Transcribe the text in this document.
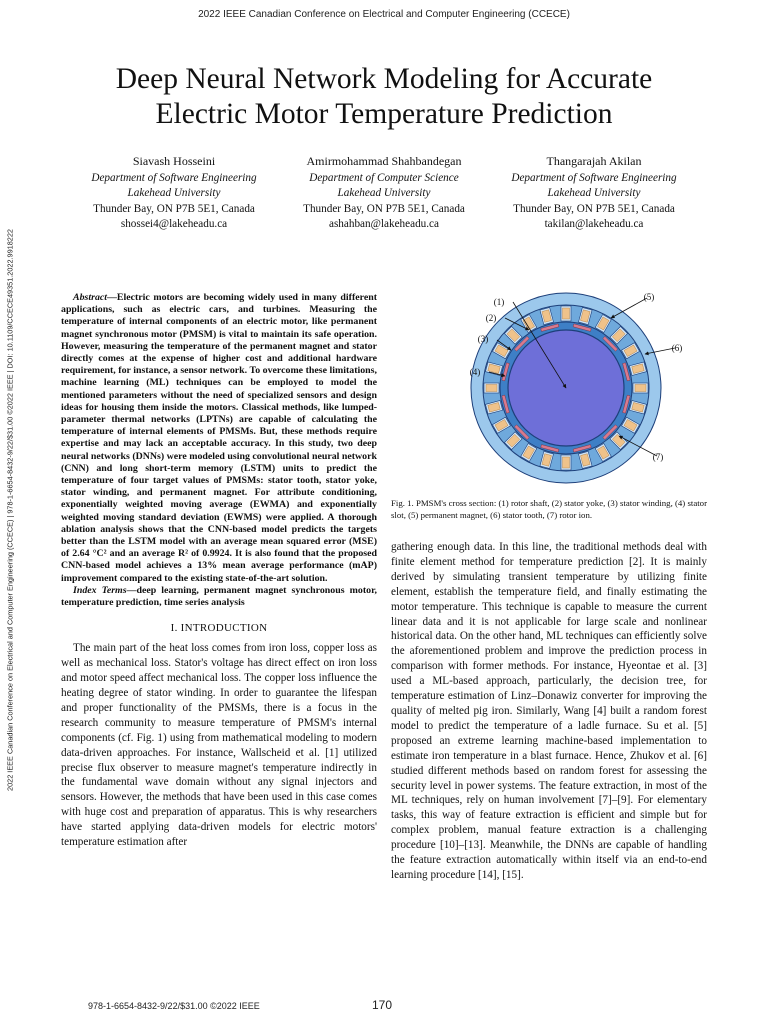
2022 IEEE Canadian Conference on Electrical and Computer Engineering (CCECE)
2022 IEEE Canadian Conference on Electrical and Computer Engineering (CCECE) | 978-1-6654-8432-9/22/$31.00 ©2022 IEEE | DOI: 10.1109/CCECE49351.2022.9918222
Deep Neural Network Modeling for Accurate
Electric Motor Temperature Prediction
Siavash Hosseini
Department of Software Engineering
Lakehead University
Thunder Bay, ON P7B 5E1, Canada
shossei4@lakeheadu.ca
Amirmohammad Shahbandegan
Department of Computer Science
Lakehead University
Thunder Bay, ON P7B 5E1, Canada
ashahban@lakeheadu.ca
Thangarajah Akilan
Department of Software Engineering
Lakehead University
Thunder Bay, ON P7B 5E1, Canada
takilan@lakeheadu.ca

Abstract—Electric motors are becoming widely used in many different applications, such as electric cars, and turbines. Measuring the temperature of internal components of an electric motor, like permanent magnet synchronous motor (PMSM) is vital to maintain its safe operation. However, measuring the temperature of the permanent magnet and stator directly comes at the expense of higher cost and additional hardware requirement, for instance, a sensor network. To overcome these limitations, machine learning (ML) techniques can be employed to model the mentioned parameters without the need of specialized sensors and design ideas for housing them inside the motors. Classical methods, like lumped-parameter thermal networks (LPTNs) are capable of calculating the temperature of internal elements of PMSMs. But, these methods require expertise and may lack an acceptable accuracy. In this study, two deep neural networks (DNNs) were modeled using convolutional neural network (CNN) and long short-term memory (LSTM) units to predict the temperature of four target values of PMSMs: stator tooth, stator yoke, stator winding, and permanent magnet. For attribute conditioning, exponentially weighted moving average (EWMA) and exponentially weighted moving standard deviation (EWMS) were applied. A thorough ablation analysis shows that the CNN-based model predicts the targets better than the LSTM model with an average mean squared error (MSE) of 2.64 °C² and an average R² of 0.9924. It is also found that the proposed CNN-based model achieves a 13% mean average performance (mAP) improvement compared to the existing state-of-the-art solution.

Index Terms—deep learning, permanent magnet synchronous motor, temperature prediction, time series analysis

I. INTRODUCTION

The main part of the heat loss comes from iron loss, copper loss as well as mechanical loss. Stator's voltage has direct effect on iron loss and motor speed affect mechanical loss. The copper loss influence the heating degree of stator winding. In order to guarantee the lifespan and proper functionality of the PMSMs, there is a focus in the research community to measure temperature of PMSM's internal components (cf. Fig. 1) using from mathematical modeling to modern data-driven approaches. For instance, Wallscheid et al. [1] utilized precise flux observer to measure magnet's temperature indirectly in the fundamental wave domain without any signal injectors and sensors. However, the methods that have been used in this case comes with huge cost and preparation of apparatus. This is why researchers have started applying data-driven models for electric motors' temperature estimation after

(1)
(2)
(3)
(4)
(5)
(6)
(7)
Fig. 1. PMSM's cross section: (1) rotor shaft, (2) stator yoke, (3) stator winding, (4) stator slot, (5) permanent magnet, (6) stator tooth, (7) rotor ion.

gathering enough data. In this line, the traditional methods deal with finite element method for temperature prediction [2]. It is mainly derived by simulating transient temperature by utilizing finite element, establish the temperature field, and finally estimating the motor temperature. This technique is capable to measure the current linear data and it is not applicable for large scale and nonlinear historical data. On the other hand, ML techniques can efficiently solve the aforementioned problem and improve the prediction process in comparison with former methods. For instance, Hyeontae et al. [3] used a ML-based approach, particularly, the decision tree, for temperature estimation of Linz–Donawiz converter for improving the quality of melted pig iron. Similarly, Wang [4] built a random forest model to predict the temperature of a ladle furnace. Su et al. [5] proposed an extreme learning machine-based implementation to estimate iron temperature in a blast furnace. Hence, Zhukov et al. [6] studied different methods based on random forest for assessing the security level in power systems. The feature extraction, in most of the ML techniques, rely on human involvement [7]–[9]. For elementary tasks, this way of feature extraction is efficient and simple but for complex problem, manual feature extraction is a challenging procedure [10]–[13]. Meanwhile, the DNNs are capable of handling the feature extraction automatically within itself via an end-to-end learning procedure [14], [15].

978-1-6654-8432-9/22/$31.00 ©2022 IEEE	170
